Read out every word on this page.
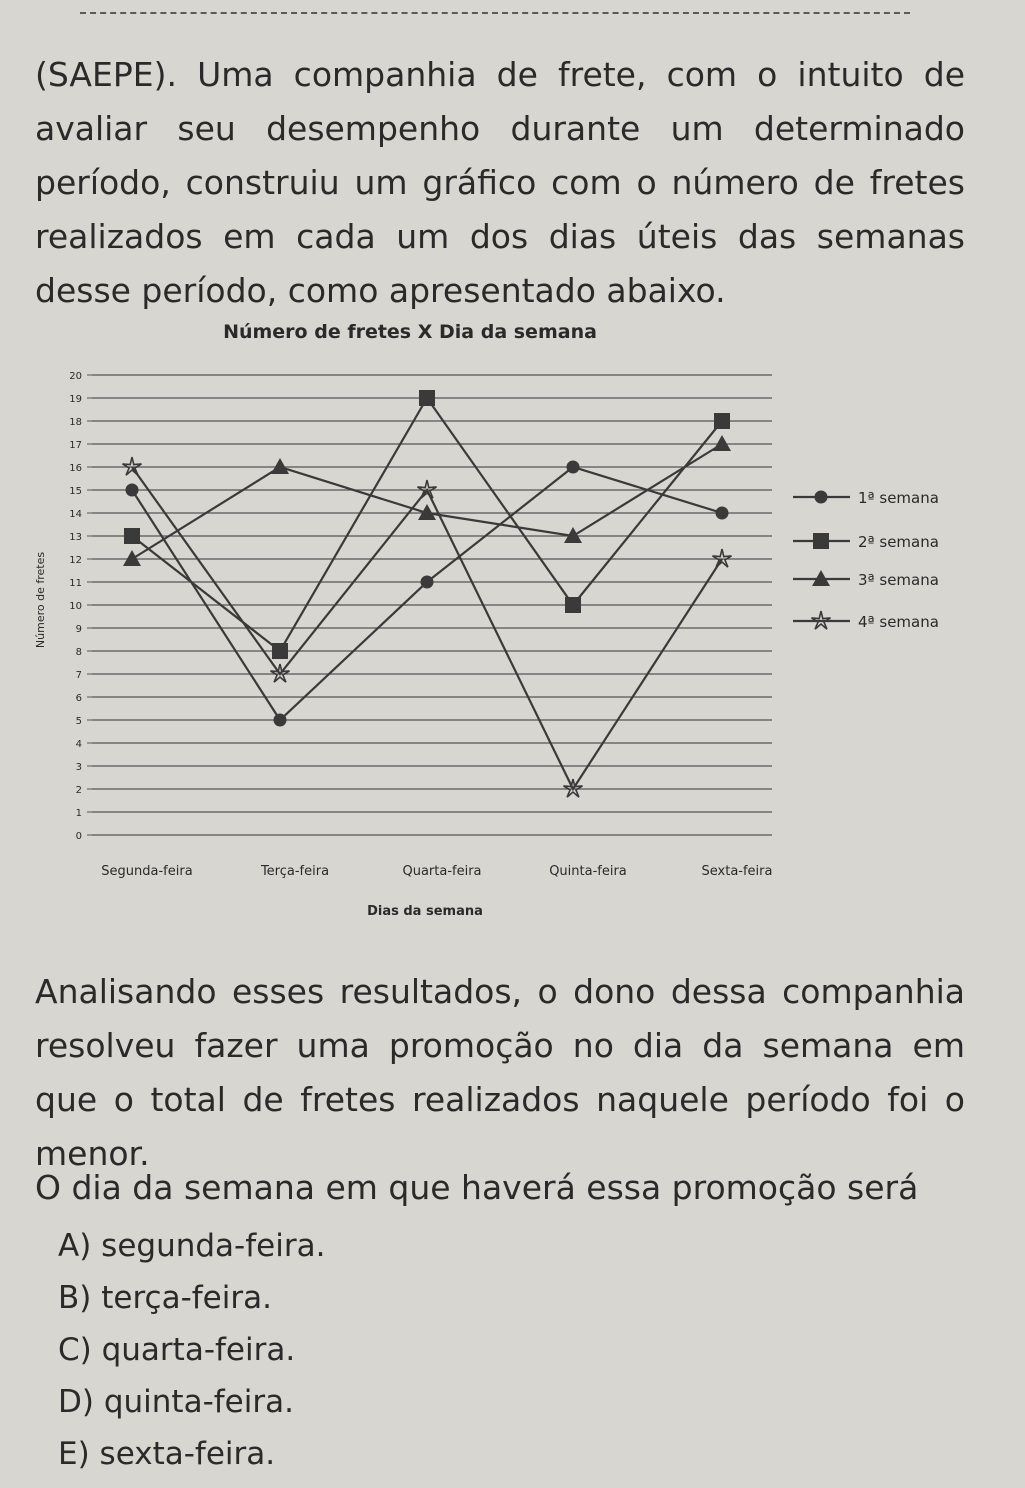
(SAEPE). Uma companhia de frete, com o intuito de avaliar seu desempenho durante um determinado período, construiu um gráfico com o número de fretes realizados em cada um dos dias úteis das semanas desse período, como apresentado abaixo.

Número de fretes X Dia da semana
0
1
2
3
4
5
6
7
8
9
10
11
12
13
14
15
16
17
18
19
20
Segunda-feira	Terça-feira	Quarta-feira	Quinta-feira	Sexta-feira
1ª semana
2ª semana
3ª semana
4ª semana
Dias da semana
Número de fretes

Analisando esses resultados, o dono dessa companhia resolveu fazer uma promoção no dia da semana em que o total de fretes realizados naquele período foi o menor.

O dia da semana em que haverá essa promoção será

A) segunda-feira.
B) terça-feira.
C) quarta-feira.
D) quinta-feira.
E) sexta-feira.
